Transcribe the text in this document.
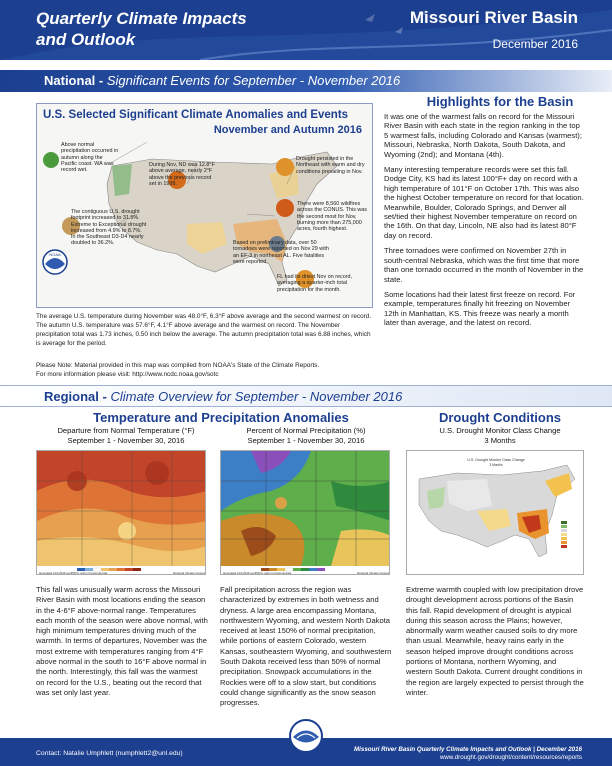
Quarterly Climate Impacts
and Outlook
Missouri River Basin
December 2016
National - Significant Events for September - November 2016
NOAA
U.S. Selected Significant Climate Anomalies and Events
November and Autumn 2016
Above normal precipitation occurred in autumn along the Pacific coast. WA was record wet.
During Nov, ND was 12.8°F above average, nearly 2°F above the previous record set in 1999.
Drought persisted in the Northeast with warm and dry conditions prevailing in Nov.
The contiguous U.S. drought footprint increased to 31.5%. Extreme to Exceptional drought increased from 4.9% to 8.7%. In the Southeast D3-D4 nearly doubled to 36.2%.
There were 8,560 wildfires across the CONUS. This was the second most for Nov, burning more than 275,000 acres, fourth highest.
Based on preliminary data, over 50 tornadoes were reported on Nov 29 with an EF-3 in northeast AL. Five fatalities were reported.
FL had its driest Nov on record, averaging a quarter-inch total precipitation for the month.
The average U.S. temperature during November was 48.0°F, 6.3°F above average and the second warmest on record. The autumn U.S. temperature was 57.6°F, 4.1°F above average and the warmest on record. The November precipitation total was 1.73 inches, 0.50 inch below the average. The autumn precipitation total was 6.88 inches, which is average for the period.
Please Note: Material provided in this map was compiled from NOAA's State of the Climate Reports.
For more information please visit: http://www.ncdc.noaa.gov/sotc
Highlights for the Basin

It was one of the warmest falls on record for the Missouri River Basin with each state in the region ranking in the top 5 warmest falls, including Colorado and Kansas (warmest); Missouri, Nebraska, North Dakota, South Dakota, and Wyoming (2nd); and Montana (4th).

Many interesting temperature records were set this fall. Dodge City, KS had its latest 100°F+ day on record with a high temperature of 101°F on October 17th. This was also the highest October temperature on record for that location. Meanwhile, Boulder, Colorado Springs, and Denver all set/tied their highest November temperature on record on the 16th. On that day, Lincoln, NE also had its latest 80°F day on record.

Three tornadoes were confirmed on November 27th in south-central Nebraska, which was the first time that more than one tornado occurred in the month of November in the state.

Some locations had their latest first freeze on record. For example, temperatures finally hit freezing on November 12th in Manhattan, KS. This freeze was nearly a month later than average, and the latest on record.

Regional - Climate Overview for September - November 2016
Temperature and Precipitation Anomalies	Drought Conditions
Departure from Normal Temperature (°F)
September 1 - November 30, 2016
Percent of Normal Precipitation (%)
September 1 - November 30, 2016
U.S. Drought Monitor Class Change
3 Months
Generated 12/1/2016 at HPRCC using provisional data.	Regional Climate Centers	Generated 12/1/2016 at HPRCC using provisional data.	Regional Climate Centers
U.S. Drought Monitor Class Change
3 Months
This fall was unusually warm across the Missouri River Basin with most locations ending the season in the 4-6°F above-normal range. Temperatures each month of the season were above normal, with high minimum temperatures driving much of the warmth. In terms of departures, November was the most extreme with temperatures ranging from 4°F above normal in the south to 16°F above normal in the north. Interestingly, this fall was the warmest on record for the U.S., beating out the record that was set only last year.
Fall precipitation across the region was characterized by extremes in both wetness and dryness. A large area encompassing Montana, northwestern Wyoming, and western North Dakota received at least 150% of normal precipitation, while portions of eastern Colorado, western Kansas, southeastern Wyoming, and southwestern South Dakota received less than 50% of normal precipitation. Snowpack accumulations in the Rockies were off to a slow start, but conditions could change significantly as the snow season progresses.
Extreme warmth coupled with low precipitation drove drought development across portions of the Basin this fall. Rapid development of drought is atypical during this season across the Plains; however, abnormally warm weather caused soils to dry more than usual. Meanwhile, heavy rains early in the season helped improve drought conditions across portions of Montana, northern Wyoming, and western South Dakota. Current drought conditions in the region are largely expected to persist through the winter.
Contact: Natalie Umphlett (numphlett2@unl.edu)
Missouri River Basin Quarterly Climate Impacts and Outlook | December 2016
www.drought.gov/drought/content/resources/reports
